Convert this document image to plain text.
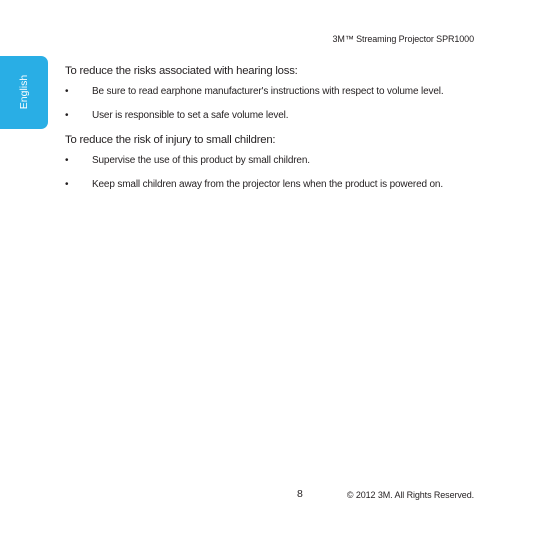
3M™ Streaming Projector SPR1000
English
To reduce the risks associated with hearing loss:
• Be sure to read earphone manufacturer's instructions with respect to volume level.
• User is responsible to set a safe volume level.
To reduce the risk of injury to small children:
• Supervise the use of this product by small children.
• Keep small children away from the projector lens when the product is powered on.
8	© 2012 3M. All Rights Reserved.
